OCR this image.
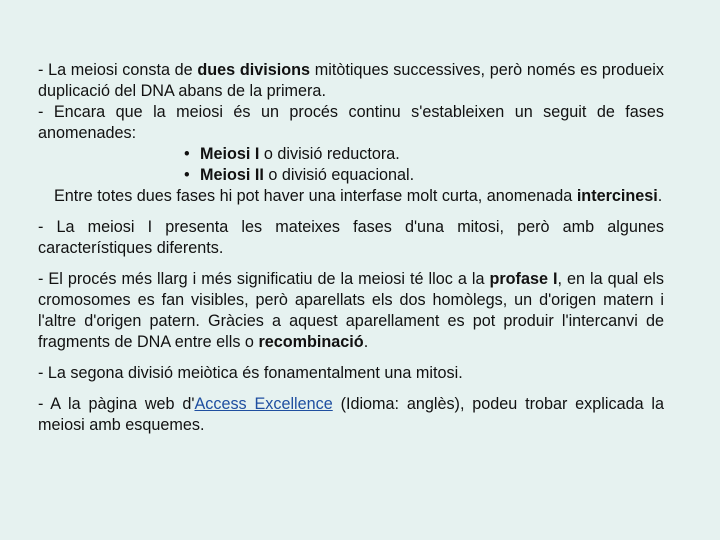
- La meiosi consta de dues divisions mitòtiques successives, però només es produeix duplicació del DNA abans de la primera.

- Encara que la meiosi és un procés continu s'estableixen un seguit de fases anomenades:

• Meiosi I o divisió reductora.
• Meiosi II o divisió equacional.

Entre totes dues fases hi pot haver una interfase molt curta, anomenada intercinesi.

- La meiosi I presenta les mateixes fases d'una mitosi, però amb algunes característiques diferents.

- El procés més llarg i més significatiu de la meiosi té lloc a la profase I, en la qual els cromosomes es fan visibles, però aparellats els dos homòlegs, un d'origen matern i l'altre d'origen patern. Gràcies a aquest aparellament es pot produir l'intercanvi de fragments de DNA entre ells o recombinació.

- La segona divisió meiòtica és fonamentalment una mitosi.

- A la pàgina web d'Access Excellence (Idioma: anglès), podeu trobar explicada la meiosi amb esquemes.
